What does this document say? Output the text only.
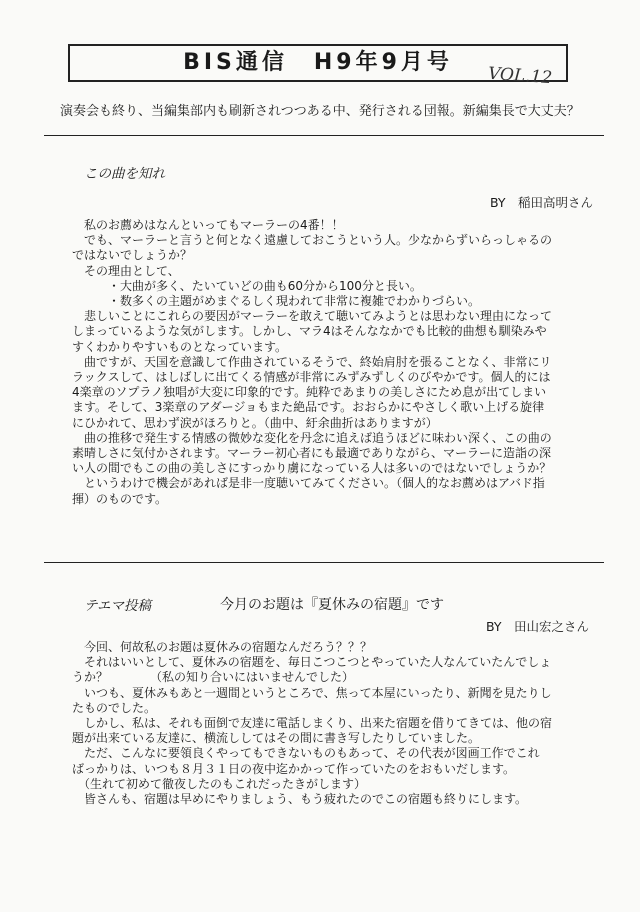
BIS通信　H9年9月号
VOL.12
演奏会も終り、当編集部内も刷新されつつある中、発行される団報。新編集長で大丈夫？
この曲を知れ
BY　稲田高明さん

　私のお薦めはなんといってもマーラーの4番！！

　でも、マーラーと言うと何となく遠慮しておこうという人。少なからずいらっしゃるの

ではないでしょうか？

　その理由として、

　　　・大曲が多く、たいていどの曲も60分から100分と長い。

　　　・数多くの主題がめまぐるしく現われて非常に複雑でわかりづらい。

　悲しいことにこれらの要因がマーラーを敢えて聴いてみようとは思わない理由になって

しまっているような気がします。しかし、マラ4はそんななかでも比較的曲想も馴染みや

すくわかりやすいものとなっています。

　曲ですが、天国を意識して作曲されているそうで、終始肩肘を張ることなく、非常にリ

ラックスして、はしばしに出てくる情感が非常にみずみずしくのびやかです。個人的には

4楽章のソプラノ独唱が大変に印象的です。純粋であまりの美しさにため息が出てしまい

ます。そして、3楽章のアダージョもまた絶品です。おおらかにやさしく歌い上げる旋律

にひかれて、思わず涙がほろりと。（曲中、紆余曲折はありますが）

　曲の推移で発生する情感の微妙な変化を丹念に追えば追うほどに味わい深く、この曲の

素晴しさに気付かされます。マーラー初心者にも最適でありながら、マーラーに造詣の深

い人の間でもこの曲の美しさにすっかり虜になっている人は多いのではないでしょうか？

　というわけで機会があれば是非一度聴いてみてください。（個人的なお薦めはアバド指

揮）のものです。

テエマ投稿	今月のお題は『夏休みの宿題』です
BY　田山宏之さん

　今回、何故私のお題は夏休みの宿題なんだろう？？？

　それはいいとして、夏休みの宿題を、毎日こつこつとやっていた人なんていたんでしょ

うか？　　　　（私の知り合いにはいませんでした）

　いつも、夏休みもあと一週間というところで、焦って本屋にいったり、新聞を見たりし

たものでした。

　しかし、私は、それも面倒で友達に電話しまくり、出来た宿題を借りてきては、他の宿

題が出来ている友達に、横流ししてはその間に書き写したりしていました。

　ただ、こんなに要領良くやってもできないものもあって、その代表が図画工作でこれ

ばっかりは、いつも８月３１日の夜中迄かかって作っていたのをおもいだします。

　（生れて初めて徹夜したのもこれだったきがします）

　皆さんも、宿題は早めにやりましょう、もう疲れたのでこの宿題も終りにします。
